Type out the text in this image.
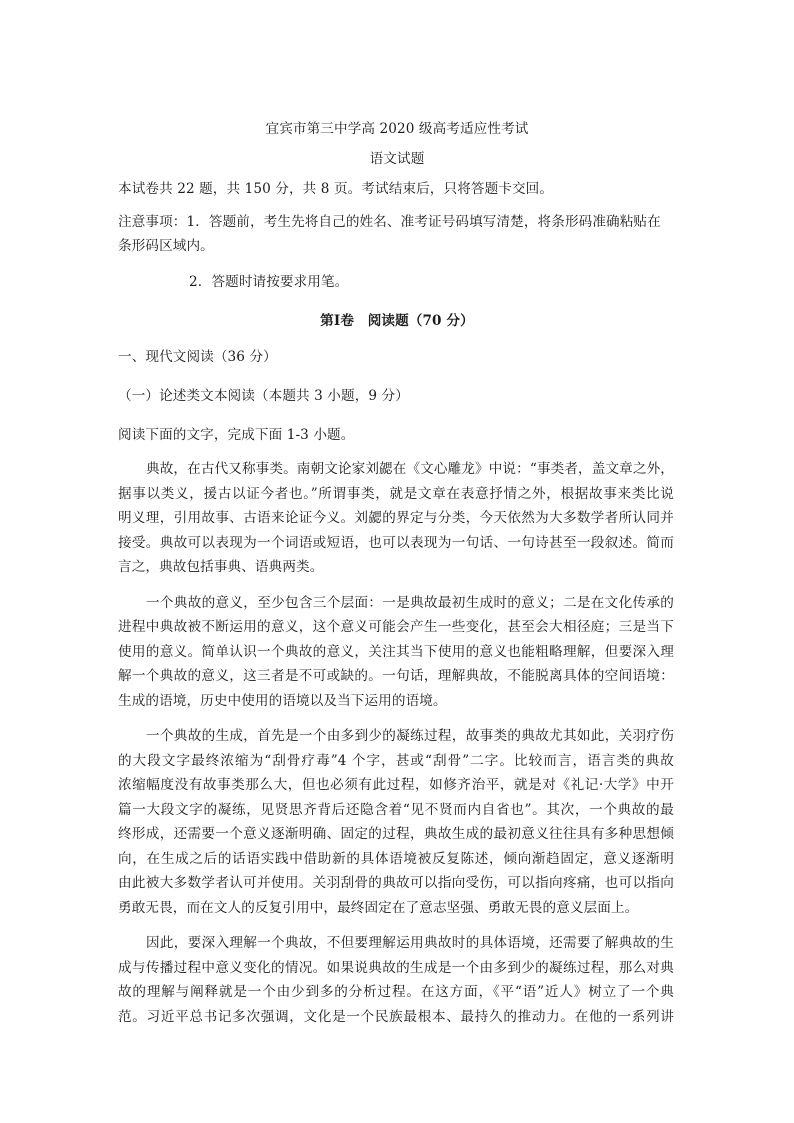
宜宾市第三中学高 2020 级高考适应性考试
语文试题
本试卷共 22 题，共 150 分，共 8 页。考试结束后，只将答题卡交回。
注意事项：1．答题前，考生先将自己的姓名、准考证号码填写清楚，将条形码准确粘贴在
条形码区域内。
2．答题时请按要求用笔。
第Ⅰ卷　阅读题（70 分）
一、现代文阅读（36 分）
（一）论述类文本阅读（本题共 3 小题，9 分）
阅读下面的文字，完成下面 1-3 小题。
典故，在古代又称事类。南朝文论家刘勰在《文心雕龙》中说：“事类者，盖文章之外，
据事以类义，援古以证今者也。”所谓事类，就是文章在表意抒情之外，根据故事来类比说
明义理，引用故事、古语来论证今义。刘勰的界定与分类，今天依然为大多数学者所认同并
接受。典故可以表现为一个词语或短语，也可以表现为一句话、一句诗甚至一段叙述。简而
言之，典故包括事典、语典两类。
一个典故的意义，至少包含三个层面：一是典故最初生成时的意义；二是在文化传承的
进程中典故被不断运用的意义，这个意义可能会产生一些变化，甚至会大相径庭；三是当下
使用的意义。简单认识一个典故的意义，关注其当下使用的意义也能粗略理解，但要深入理
解一个典故的意义，这三者是不可或缺的。一句话，理解典故，不能脱离具体的空间语境：
生成的语境，历史中使用的语境以及当下运用的语境。
一个典故的生成，首先是一个由多到少的凝练过程，故事类的典故尤其如此，关羽疗伤
的大段文字最终浓缩为“刮骨疗毒”4 个字，甚或“刮骨”二字。比较而言，语言类的典故
浓缩幅度没有故事类那么大，但也必须有此过程，如修齐治平，就是对《礼记·大学》中开
篇一大段文字的凝练，见贤思齐背后还隐含着“见不贤而内自省也”。其次，一个典故的最
终形成，还需要一个意义逐渐明确、固定的过程，典故生成的最初意义往往具有多种思想倾
向，在生成之后的话语实践中借助新的具体语境被反复陈述，倾向渐趋固定，意义逐渐明
由此被大多数学者认可并使用。关羽刮骨的典故可以指向受伤，可以指向疼痛，也可以指向
勇敢无畏，而在文人的反复引用中，最终固定在了意志坚强、勇敢无畏的意义层面上。
因此，要深入理解一个典故，不但要理解运用典故时的具体语境，还需要了解典故的生
成与传播过程中意义变化的情况。如果说典故的生成是一个由多到少的凝练过程，那么对典
故的理解与阐释就是一个由少到多的分析过程。在这方面，《平“语”近人》树立了一个典
范。习近平总书记多次强调，文化是一个民族最根本、最持久的推动力。在他的一系列讲
